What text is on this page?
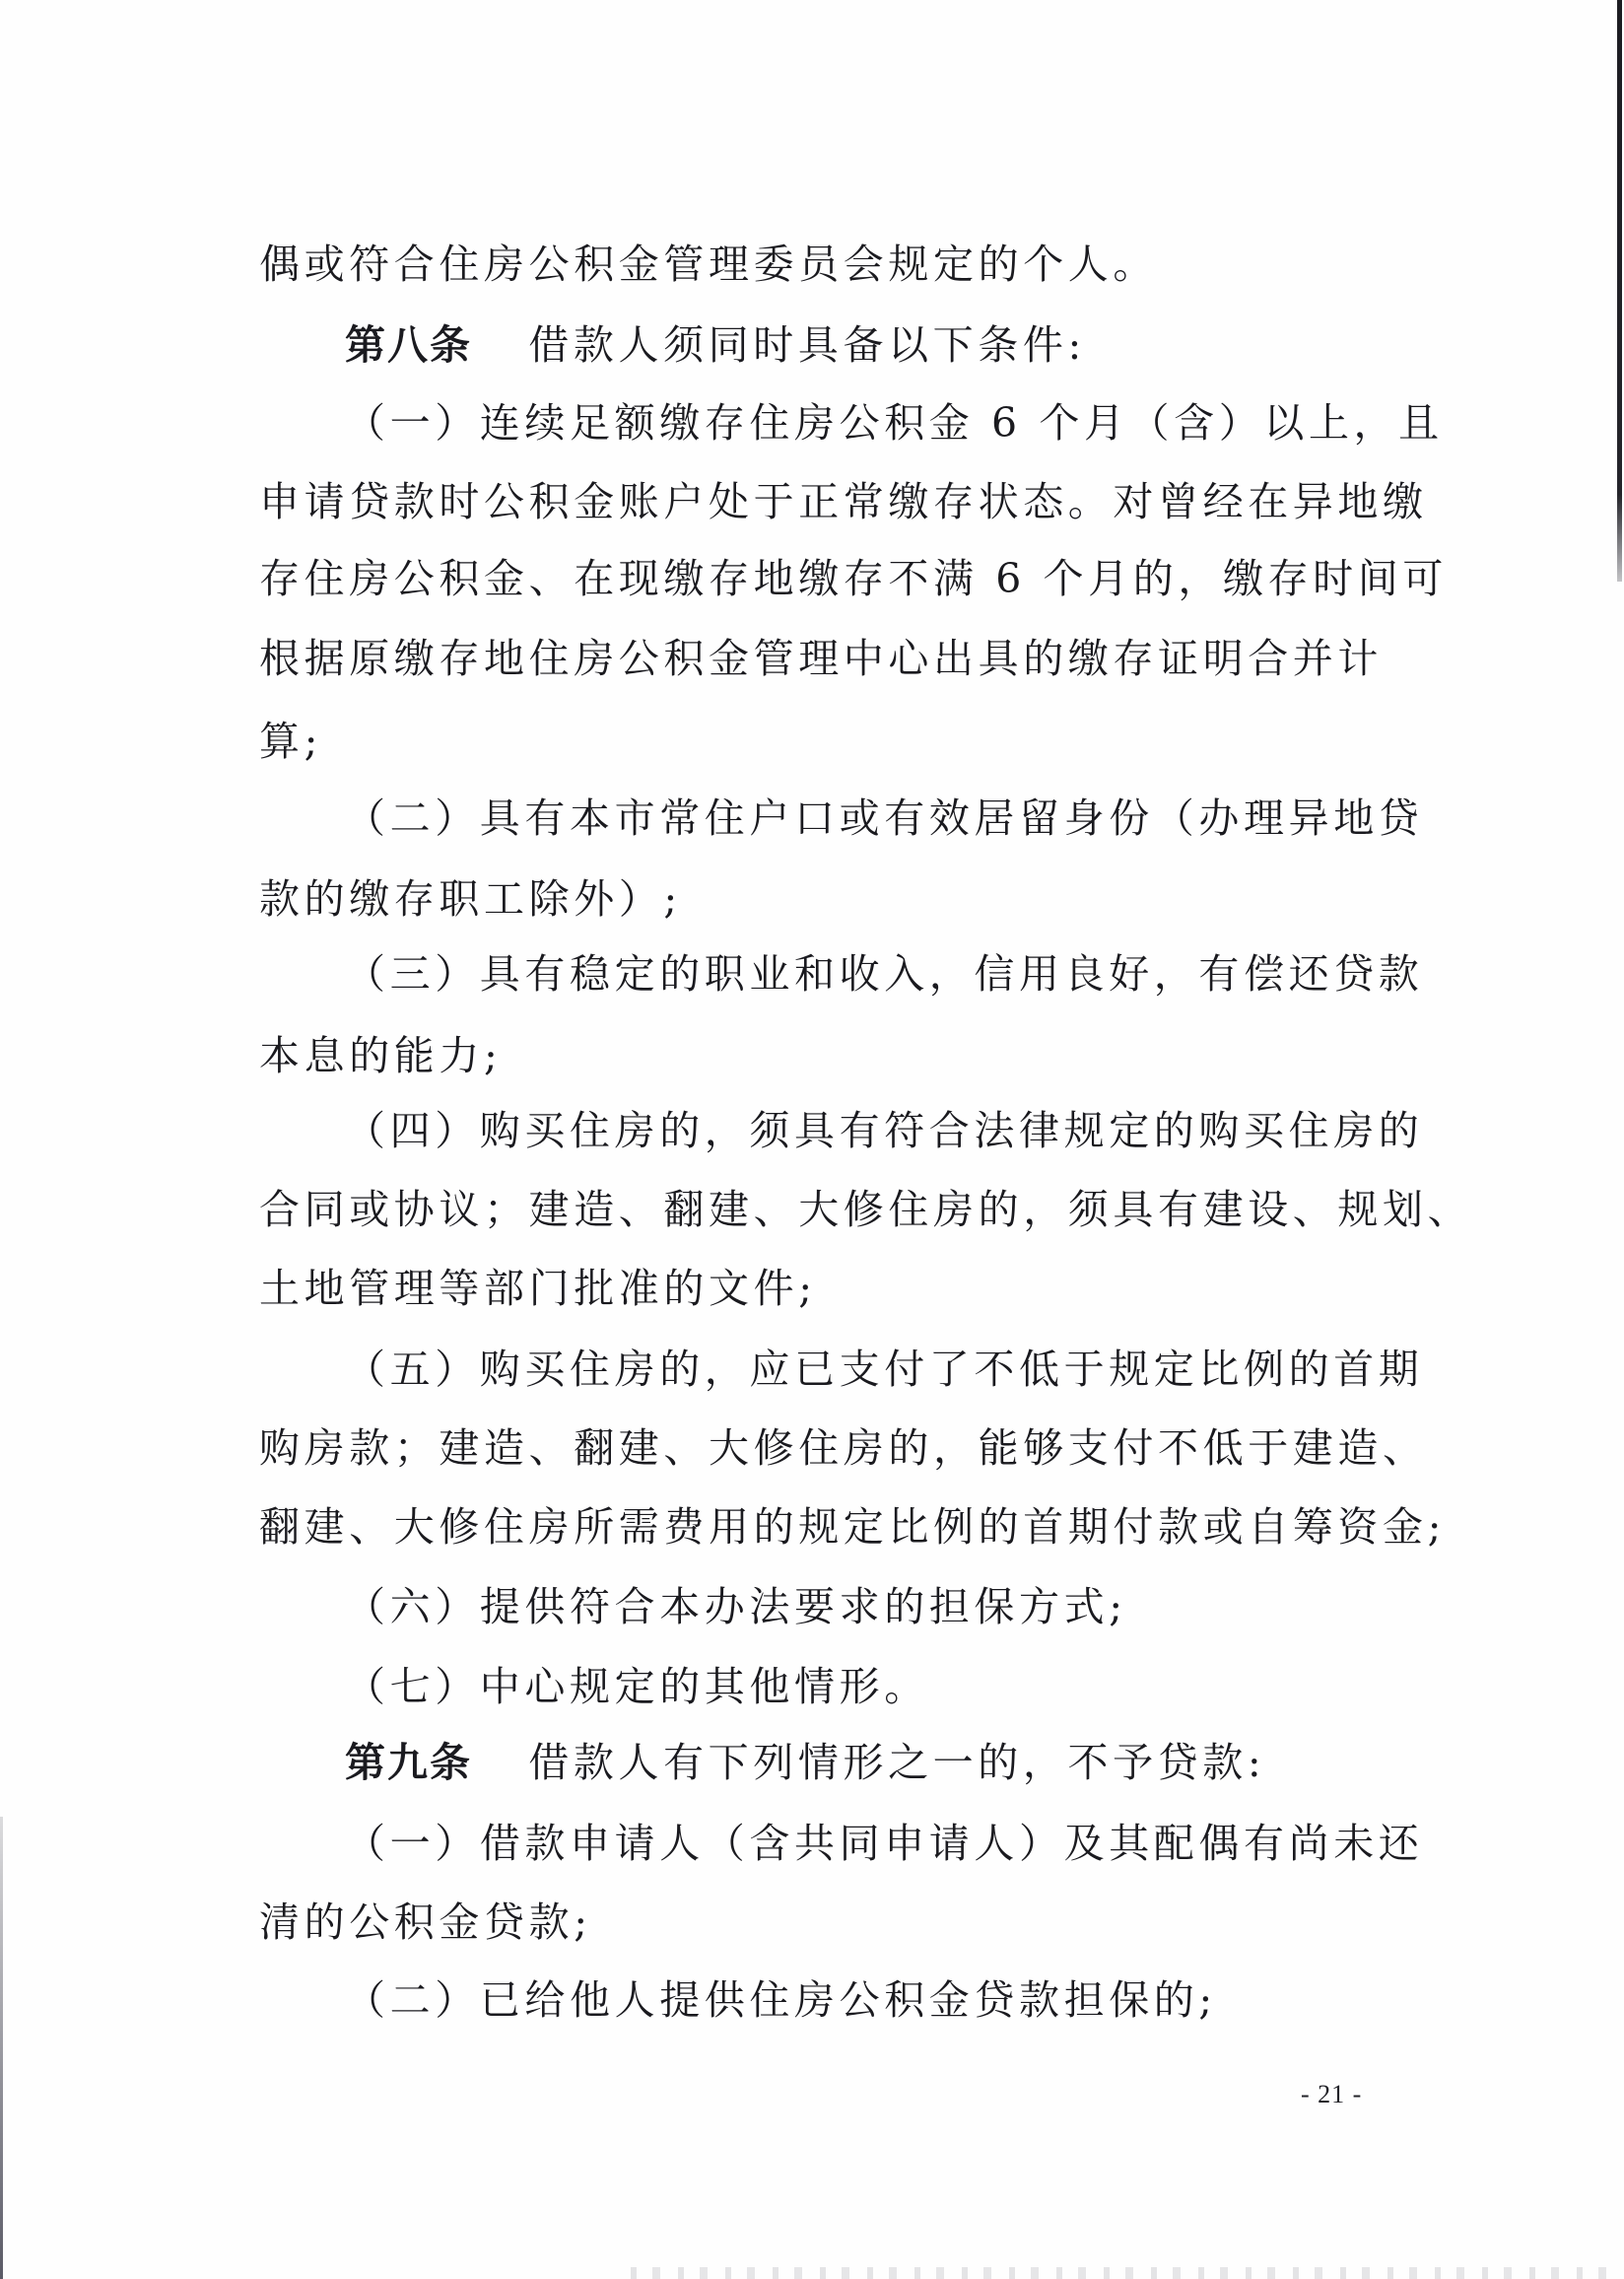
偶或符合住房公积金管理委员会规定的个人。
第八条 借款人须同时具备以下条件:
（一）连续足额缴存住房公积金 6 个月（含）以上，且
申请贷款时公积金账户处于正常缴存状态。对曾经在异地缴
存住房公积金、在现缴存地缴存不满 6 个月的，缴存时间可
根据原缴存地住房公积金管理中心出具的缴存证明合并计
算;
（二）具有本市常住户口或有效居留身份（办理异地贷
款的缴存职工除外）;
（三）具有稳定的职业和收入，信用良好，有偿还贷款
本息的能力;
（四）购买住房的，须具有符合法律规定的购买住房的
合同或协议；建造、翻建、大修住房的，须具有建设、规划、
土地管理等部门批准的文件;
（五）购买住房的，应已支付了不低于规定比例的首期
购房款；建造、翻建、大修住房的，能够支付不低于建造、
翻建、大修住房所需费用的规定比例的首期付款或自筹资金;
（六）提供符合本办法要求的担保方式;
（七）中心规定的其他情形。
第九条 借款人有下列情形之一的，不予贷款:
（一）借款申请人（含共同申请人）及其配偶有尚未还
清的公积金贷款;
（二）已给他人提供住房公积金贷款担保的;
- 21 -
